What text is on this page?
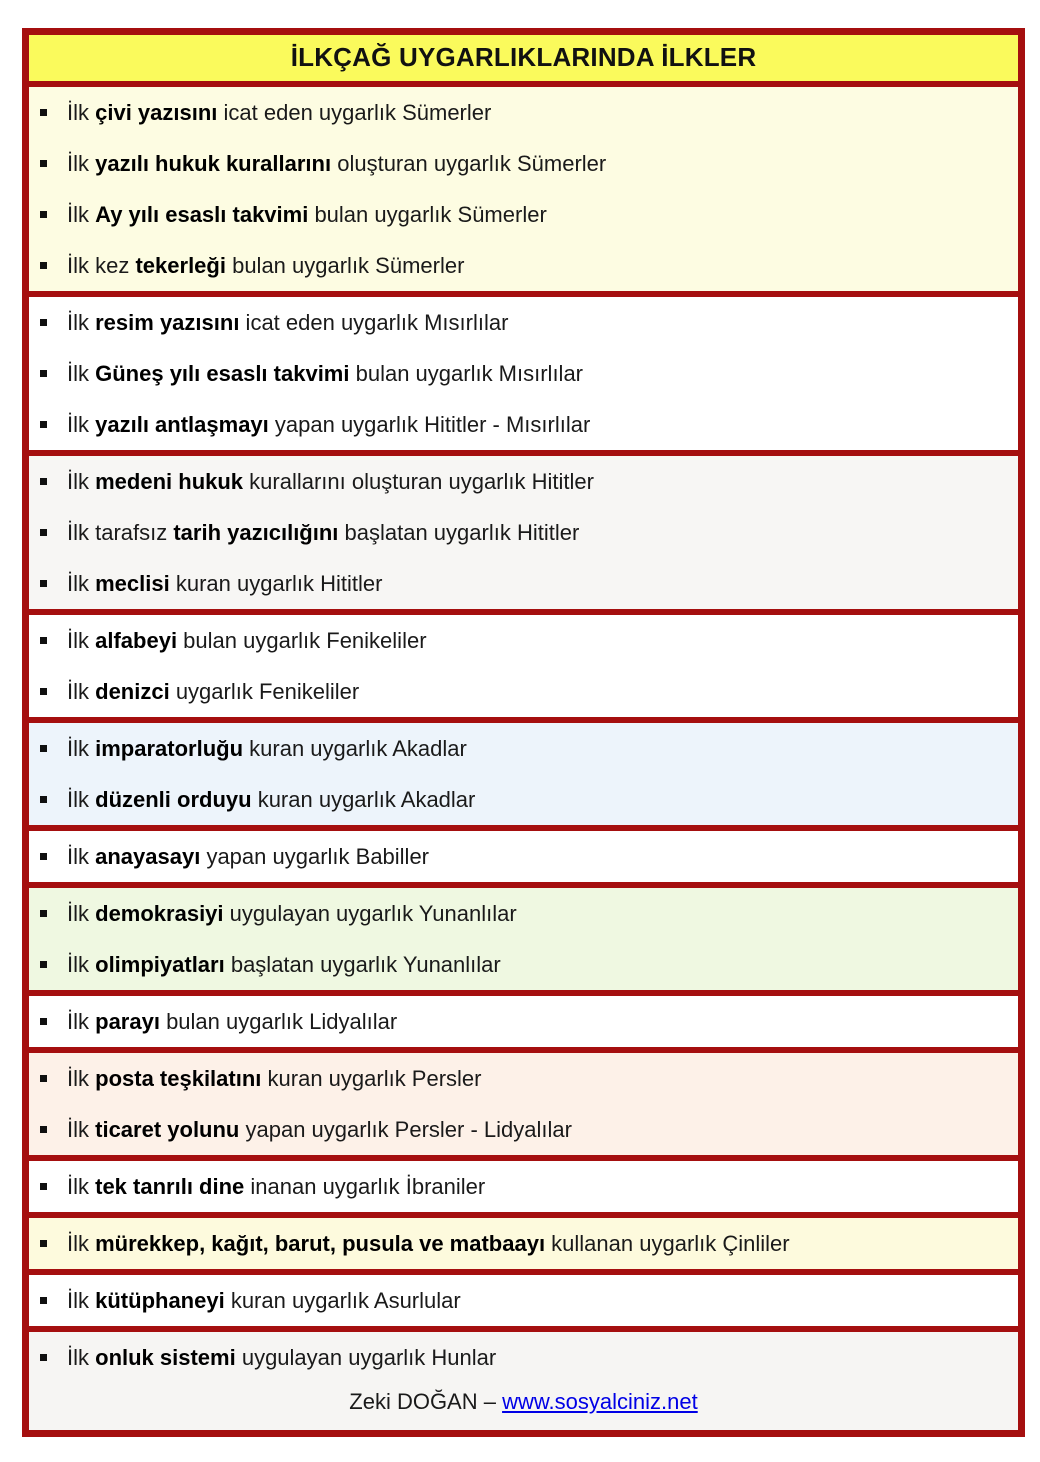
İLKÇAĞ UYGARLIKLARINDA İLKLER
İlk çivi yazısını icat eden uygarlık Sümerler
İlk yazılı hukuk kurallarını oluşturan uygarlık Sümerler
İlk Ay yılı esaslı takvimi bulan uygarlık Sümerler
İlk kez tekerleği bulan uygarlık Sümerler
İlk resim yazısını icat eden uygarlık Mısırlılar
İlk Güneş yılı esaslı takvimi bulan uygarlık Mısırlılar
İlk yazılı antlaşmayı yapan uygarlık Hititler - Mısırlılar
İlk medeni hukuk kurallarını oluşturan uygarlık Hititler
İlk tarafsız tarih yazıcılığını başlatan uygarlık Hititler
İlk meclisi kuran uygarlık Hititler
İlk alfabeyi bulan uygarlık Fenikeliler
İlk denizci uygarlık Fenikeliler
İlk imparatorluğu kuran uygarlık Akadlar
İlk düzenli orduyu kuran uygarlık Akadlar
İlk anayasayı yapan uygarlık Babiller
İlk demokrasiyi uygulayan uygarlık Yunanlılar
İlk olimpiyatları başlatan uygarlık Yunanlılar
İlk parayı bulan uygarlık Lidyalılar
İlk posta teşkilatını kuran uygarlık Persler
İlk ticaret yolunu yapan uygarlık Persler - Lidyalılar
İlk tek tanrılı dine inanan uygarlık İbraniler
İlk mürekkep, kağıt, barut, pusula ve matbaayı kullanan uygarlık Çinliler
İlk kütüphaneyi kuran uygarlık Asurlular
İlk onluk sistemi uygulayan uygarlık Hunlar
Zeki DOĞAN – www.sosyalciniz.net
